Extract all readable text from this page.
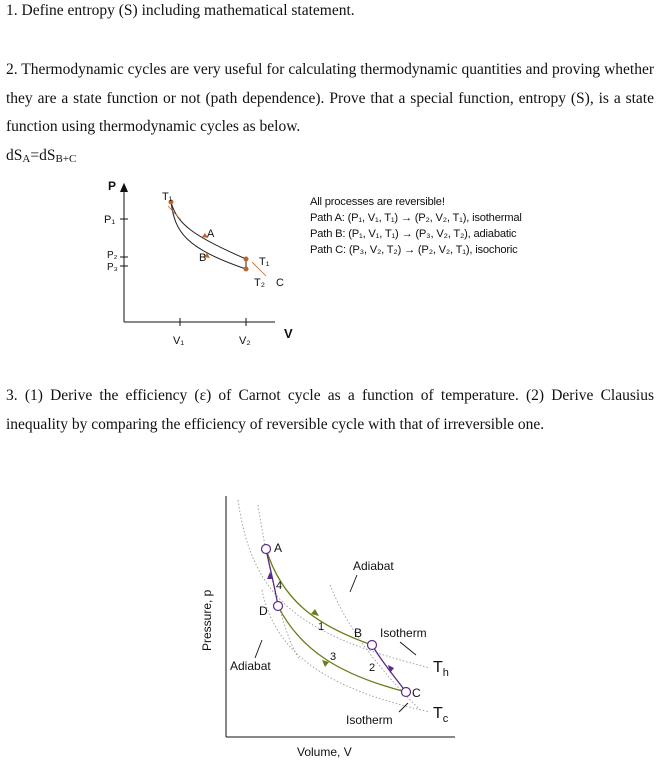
1. Define entropy (S) including mathematical statement.
2. Thermodynamic cycles are very useful for calculating thermodynamic quantities and proving whether they are a state function or not (path dependence). Prove that a special function, entropy (S), is a state function using thermodynamic cycles as below.
dSA=dSB+C
P
V
P₁
P₂
P₃
V₁	V₂
T₁
T₁
T₂
A
B
C
All processes are reversible!
Path A: (P₁, V₁, T₁) → (P₂, V₂, T₁), isothermal
Path B: (P₁, V₁, T₁) → (P₃, V₂, T₂), adiabatic
Path C: (P₃, V₂, T₂) → (P₂, V₂, T₁), isochoric
3. (1) Derive the efficiency (ε) of Carnot cycle as a function of temperature. (2) Derive Clausius inequality by comparing the efficiency of reversible cycle with that of irreversible one.
Pressure, p
Volume, V
A
B
C
D
1
2
3
4
Adiabat
Adiabat
Isotherm
Isotherm
$T_h$
$T_c$
